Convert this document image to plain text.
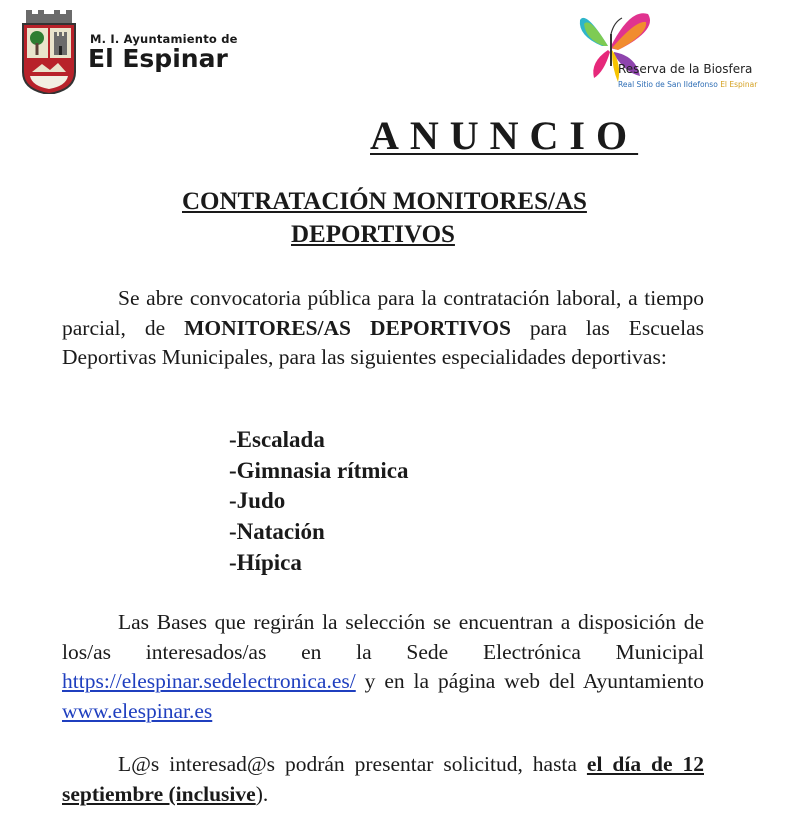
M. I. Ayuntamiento de
El Espinar	Reserva de la Biosfera
Real Sitio de San Ildefonso El Espinar
ANUNCIO
CONTRATACIÓN MONITORES/AS
DEPORTIVOS

Se abre convocatoria pública para la contratación laboral, a tiempo parcial, de MONITORES/AS DEPORTIVOS para las Escuelas Deportivas Municipales, para las siguientes especialidades deportivas:

-Escalada
-Gimnasia rítmica
-Judo
-Natación
-Hípica

Las Bases que regirán la selección se encuentran a disposición de los/as interesados/as en la Sede Electrónica Municipal https://elespinar.sedelectronica.es/ y en la página web del Ayuntamiento www.elespinar.es

L@s interesad@s podrán presentar solicitud, hasta el día de 12 septiembre (inclusive).
